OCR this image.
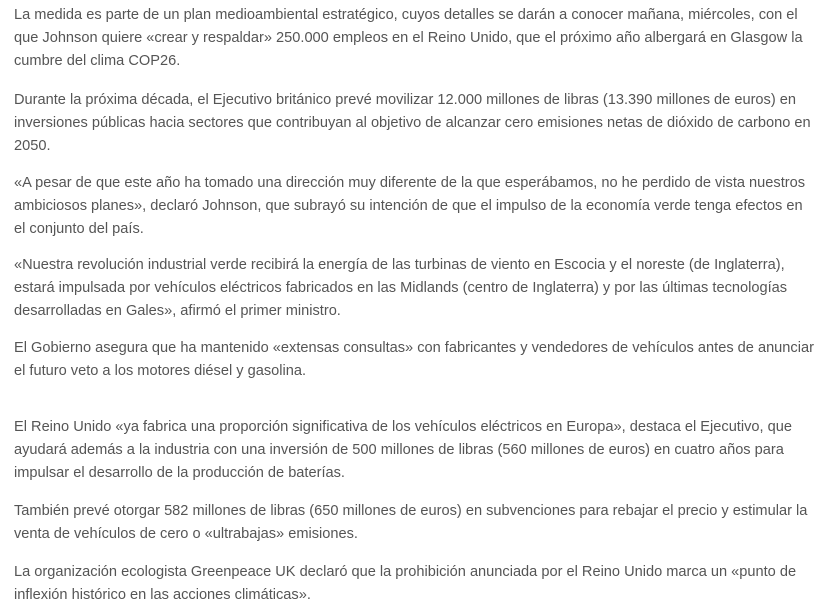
La medida es parte de un plan medioambiental estratégico, cuyos detalles se darán a conocer mañana, miércoles, con el que Johnson quiere «crear y respaldar» 250.000 empleos en el Reino Unido, que el próximo año albergará en Glasgow la cumbre del clima COP26.

Durante la próxima década, el Ejecutivo británico prevé movilizar 12.000 millones de libras (13.390 millones de euros) en inversiones públicas hacia sectores que contribuyan al objetivo de alcanzar cero emisiones netas de dióxido de carbono en 2050.

«A pesar de que este año ha tomado una dirección muy diferente de la que esperábamos, no he perdido de vista nuestros ambiciosos planes», declaró Johnson, que subrayó su intención de que el impulso de la economía verde tenga efectos en el conjunto del país.

«Nuestra revolución industrial verde recibirá la energía de las turbinas de viento en Escocia y el noreste (de Inglaterra), estará impulsada por vehículos eléctricos fabricados en las Midlands (centro de Inglaterra) y por las últimas tecnologías desarrolladas en Gales», afirmó el primer ministro.

El Gobierno asegura que ha mantenido «extensas consultas» con fabricantes y vendedores de vehículos antes de anunciar el futuro veto a los motores diésel y gasolina.

El Reino Unido «ya fabrica una proporción significativa de los vehículos eléctricos en Europa», destaca el Ejecutivo, que ayudará además a la industria con una inversión de 500 millones de libras (560 millones de euros) en cuatro años para impulsar el desarrollo de la producción de baterías.

También prevé otorgar 582 millones de libras (650 millones de euros) en subvenciones para rebajar el precio y estimular la venta de vehículos de cero o «ultrabajas» emisiones.

La organización ecologista Greenpeace UK declaró que la prohibición anunciada por el Reino Unido marca un «punto de inflexión histórico en las acciones climáticas».
